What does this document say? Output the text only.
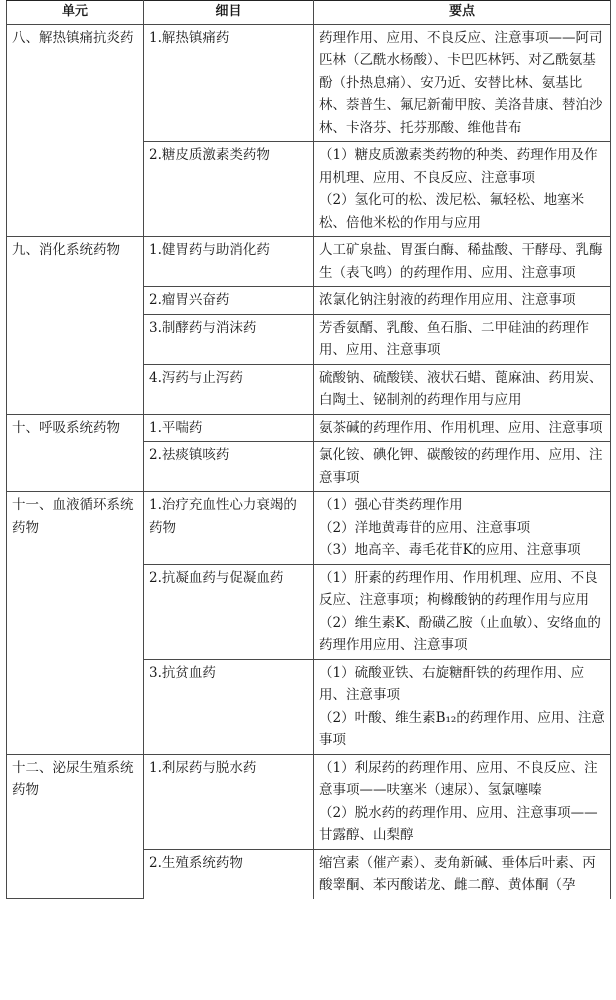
单元	细目	要点
八、解热镇痛抗炎药	1.解热镇痛药	药理作用、应用、不良反应、注意事项——阿司匹林（乙酰水杨酸）、卡巴匹林钙、对乙酰氨基酚（扑热息痛）、安乃近、安替比林、氨基比林、萘普生、氟尼新葡甲胺、美洛昔康、替泊沙林、卡洛芬、托芬那酸、维他昔布

	2.糖皮质激素类药物	（1）糖皮质激素类药物的种类、药理作用及作用机理、应用、不良反应、注意事项
（2）氢化可的松、泼尼松、氟轻松、地塞米松、倍他米松的作用与应用

九、消化系统药物	1.健胃药与助消化药	人工矿泉盐、胃蛋白酶、稀盐酸、干酵母、乳酶生（表飞鸣）的药理作用、应用、注意事项

	2.瘤胃兴奋药	浓氯化钠注射液的药理作用应用、注意事项

	3.制酵药与消沫药	芳香氨醑、乳酸、鱼石脂、二甲硅油的药理作用、应用、注意事项

	4.泻药与止泻药	硫酸钠、硫酸镁、液状石蜡、蓖麻油、药用炭、白陶土、铋制剂的药理作用与应用

十、呼吸系统药物	1.平喘药	氨茶碱的药理作用、作用机理、应用、注意事项

	2.祛痰镇咳药	氯化铵、碘化钾、碳酸铵的药理作用、应用、注意事项

十一、血液循环系统药物	1.治疗充血性心力衰竭的药物	（1）强心苷类药理作用
（2）洋地黄毒苷的应用、注意事项
（3）地高辛、毒毛花苷K的应用、注意事项

	2.抗凝血药与促凝血药	（1）肝素的药理作用、作用机理、应用、不良反应、注意事项；枸橼酸钠的药理作用与应用
（2）维生素K、酚磺乙胺（止血敏）、安络血的药理作用应用、注意事项

	3.抗贫血药	（1）硫酸亚铁、右旋糖酐铁的药理作用、应用、注意事项
（2）叶酸、维生素B₁₂的药理作用、应用、注意事项

十二、泌尿生殖系统药物	1.利尿药与脱水药	（1）利尿药的药理作用、应用、不良反应、注意事项——呋塞米（速尿）、氢氯噻嗪
（2）脱水药的药理作用、应用、注意事项——甘露醇、山梨醇

	2.生殖系统药物	缩宫素（催产素）、麦角新碱、垂体后叶素、丙酸睾酮、苯丙酸诺龙、雌二醇、黄体酮（孕
